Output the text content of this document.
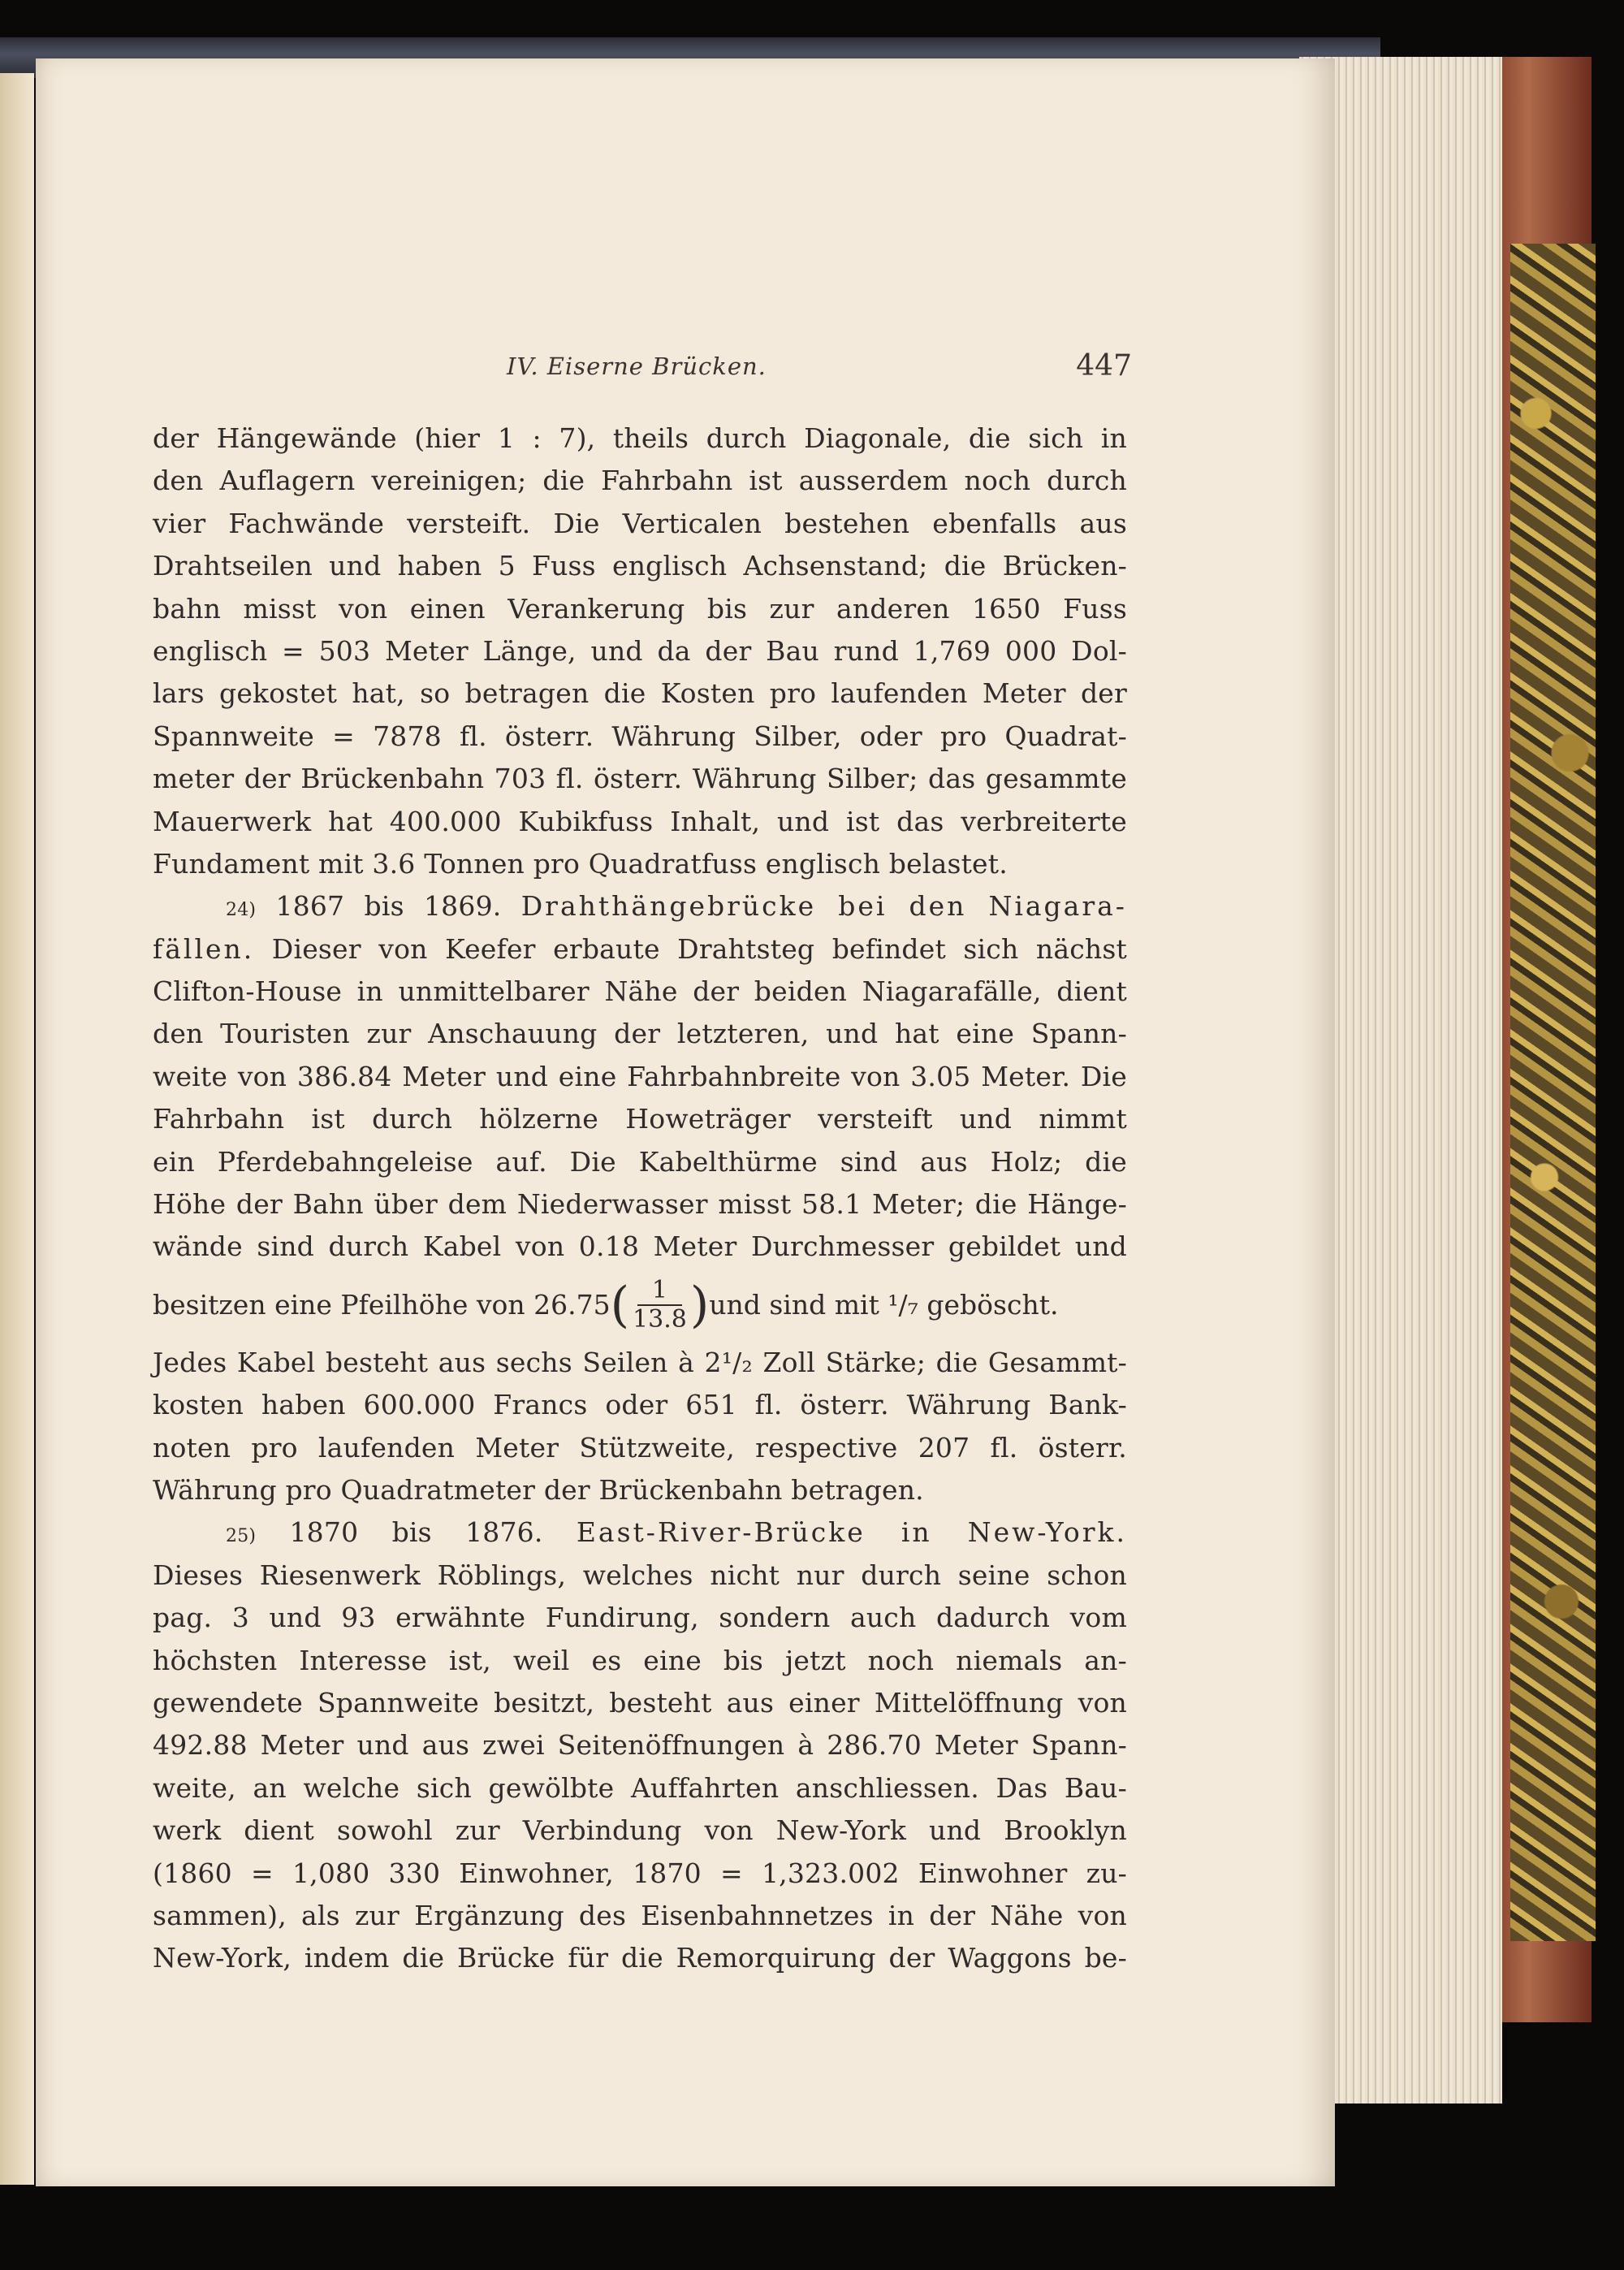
IV. Eiserne Brücken.	447
der Hängewände (hier 1 : 7), theils durch Diagonale, die sich in
den Auflagern vereinigen; die Fahrbahn ist ausserdem noch durch
vier Fachwände versteift. Die Verticalen bestehen ebenfalls aus
Drahtseilen und haben 5 Fuss englisch Achsenstand; die Brücken-
bahn misst von einen Verankerung bis zur anderen 1650 Fuss
englisch = 503 Meter Länge, und da der Bau rund 1,769 000 Dol-
lars gekostet hat, so betragen die Kosten pro laufenden Meter der
Spannweite = 7878 fl. österr. Währung Silber, oder pro Quadrat-
meter der Brückenbahn 703 fl. österr. Währung Silber; das gesammte
Mauerwerk hat 400.000 Kubikfuss Inhalt, und ist das verbreiterte
Fundament mit 3.6 Tonnen pro Quadratfuss englisch belastet.
24) 1867 bis 1869. Drahthängebrücke bei den Niagara-
fällen. Dieser von Keefer erbaute Drahtsteg befindet sich nächst
Clifton-House in unmittelbarer Nähe der beiden Niagarafälle, dient
den Touristen zur Anschauung der letzteren, und hat eine Spann-
weite von 386.84 Meter und eine Fahrbahnbreite von 3.05 Meter. Die
Fahrbahn ist durch hölzerne Howeträger versteift und nimmt
ein Pferdebahngeleise auf. Die Kabelthürme sind aus Holz; die
Höhe der Bahn über dem Niederwasser misst 58.1 Meter; die Hänge-
wände sind durch Kabel von 0.18 Meter Durchmesser gebildet und
besitzen eine Pfeilhöhe von 26.75 ( $\frac{1}{13.8}$ ) und sind mit ¹/₇ geböscht.
Jedes Kabel besteht aus sechs Seilen à 2¹/₂ Zoll Stärke; die Gesammt-
kosten haben 600.000 Francs oder 651 fl. österr. Währung Bank-
noten pro laufenden Meter Stützweite, respective 207 fl. österr.
Währung pro Quadratmeter der Brückenbahn betragen.
25) 1870 bis 1876. East-River-Brücke in New-York.
Dieses Riesenwerk Röblings, welches nicht nur durch seine schon
pag. 3 und 93 erwähnte Fundirung, sondern auch dadurch vom
höchsten Interesse ist, weil es eine bis jetzt noch niemals an-
gewendete Spannweite besitzt, besteht aus einer Mittelöffnung von
492.88 Meter und aus zwei Seitenöffnungen à 286.70 Meter Spann-
weite, an welche sich gewölbte Auffahrten anschliessen. Das Bau-
werk dient sowohl zur Verbindung von New-York und Brooklyn
(1860 = 1,080 330 Einwohner, 1870 = 1,323.002 Einwohner zu-
sammen), als zur Ergänzung des Eisenbahnnetzes in der Nähe von
New-York, indem die Brücke für die Remorquirung der Waggons be-
